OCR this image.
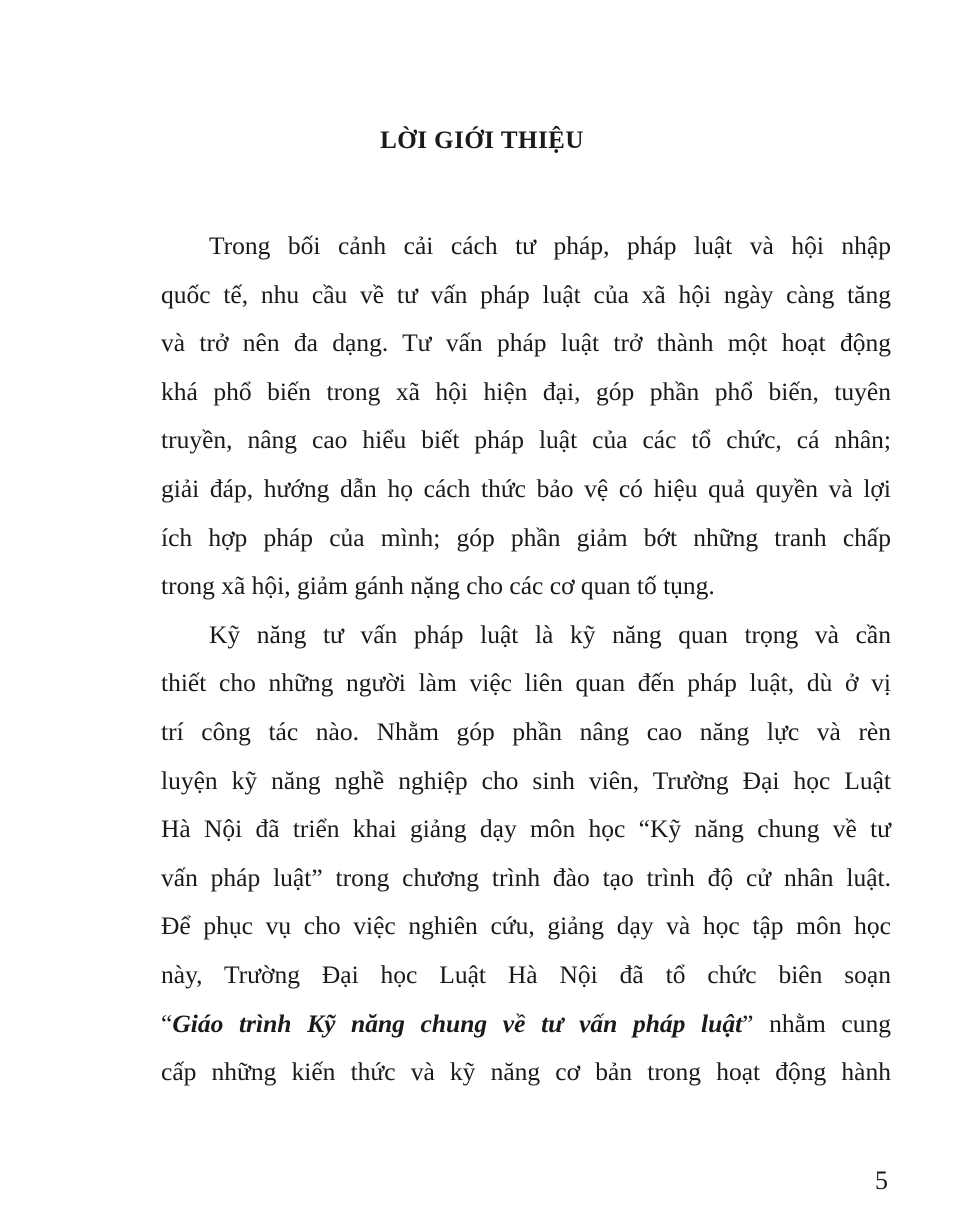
LỜI GIỚI THIỆU

Trong bối cảnh cải cách tư pháp, pháp luật và hội nhập
quốc tế, nhu cầu về tư vấn pháp luật của xã hội ngày càng tăng
và trở nên đa dạng. Tư vấn pháp luật trở thành một hoạt động
khá phổ biến trong xã hội hiện đại, góp phần phổ biến, tuyên
truyền, nâng cao hiểu biết pháp luật của các tổ chức, cá nhân;
giải đáp, hướng dẫn họ cách thức bảo vệ có hiệu quả quyền và lợi
ích hợp pháp của mình; góp phần giảm bớt những tranh chấp
trong xã hội, giảm gánh nặng cho các cơ quan tố tụng.

Kỹ năng tư vấn pháp luật là kỹ năng quan trọng và cần
thiết cho những người làm việc liên quan đến pháp luật, dù ở vị
trí công tác nào. Nhằm góp phần nâng cao năng lực và rèn
luyện kỹ năng nghề nghiệp cho sinh viên, Trường Đại học Luật
Hà Nội đã triển khai giảng dạy môn học “Kỹ năng chung về tư
vấn pháp luật” trong chương trình đào tạo trình độ cử nhân luật.
Để phục vụ cho việc nghiên cứu, giảng dạy và học tập môn học
này, Trường Đại học Luật Hà Nội đã tổ chức biên soạn
“Giáo trình Kỹ năng chung về tư vấn pháp luật” nhằm cung
cấp những kiến thức và kỹ năng cơ bản trong hoạt động hành

5
